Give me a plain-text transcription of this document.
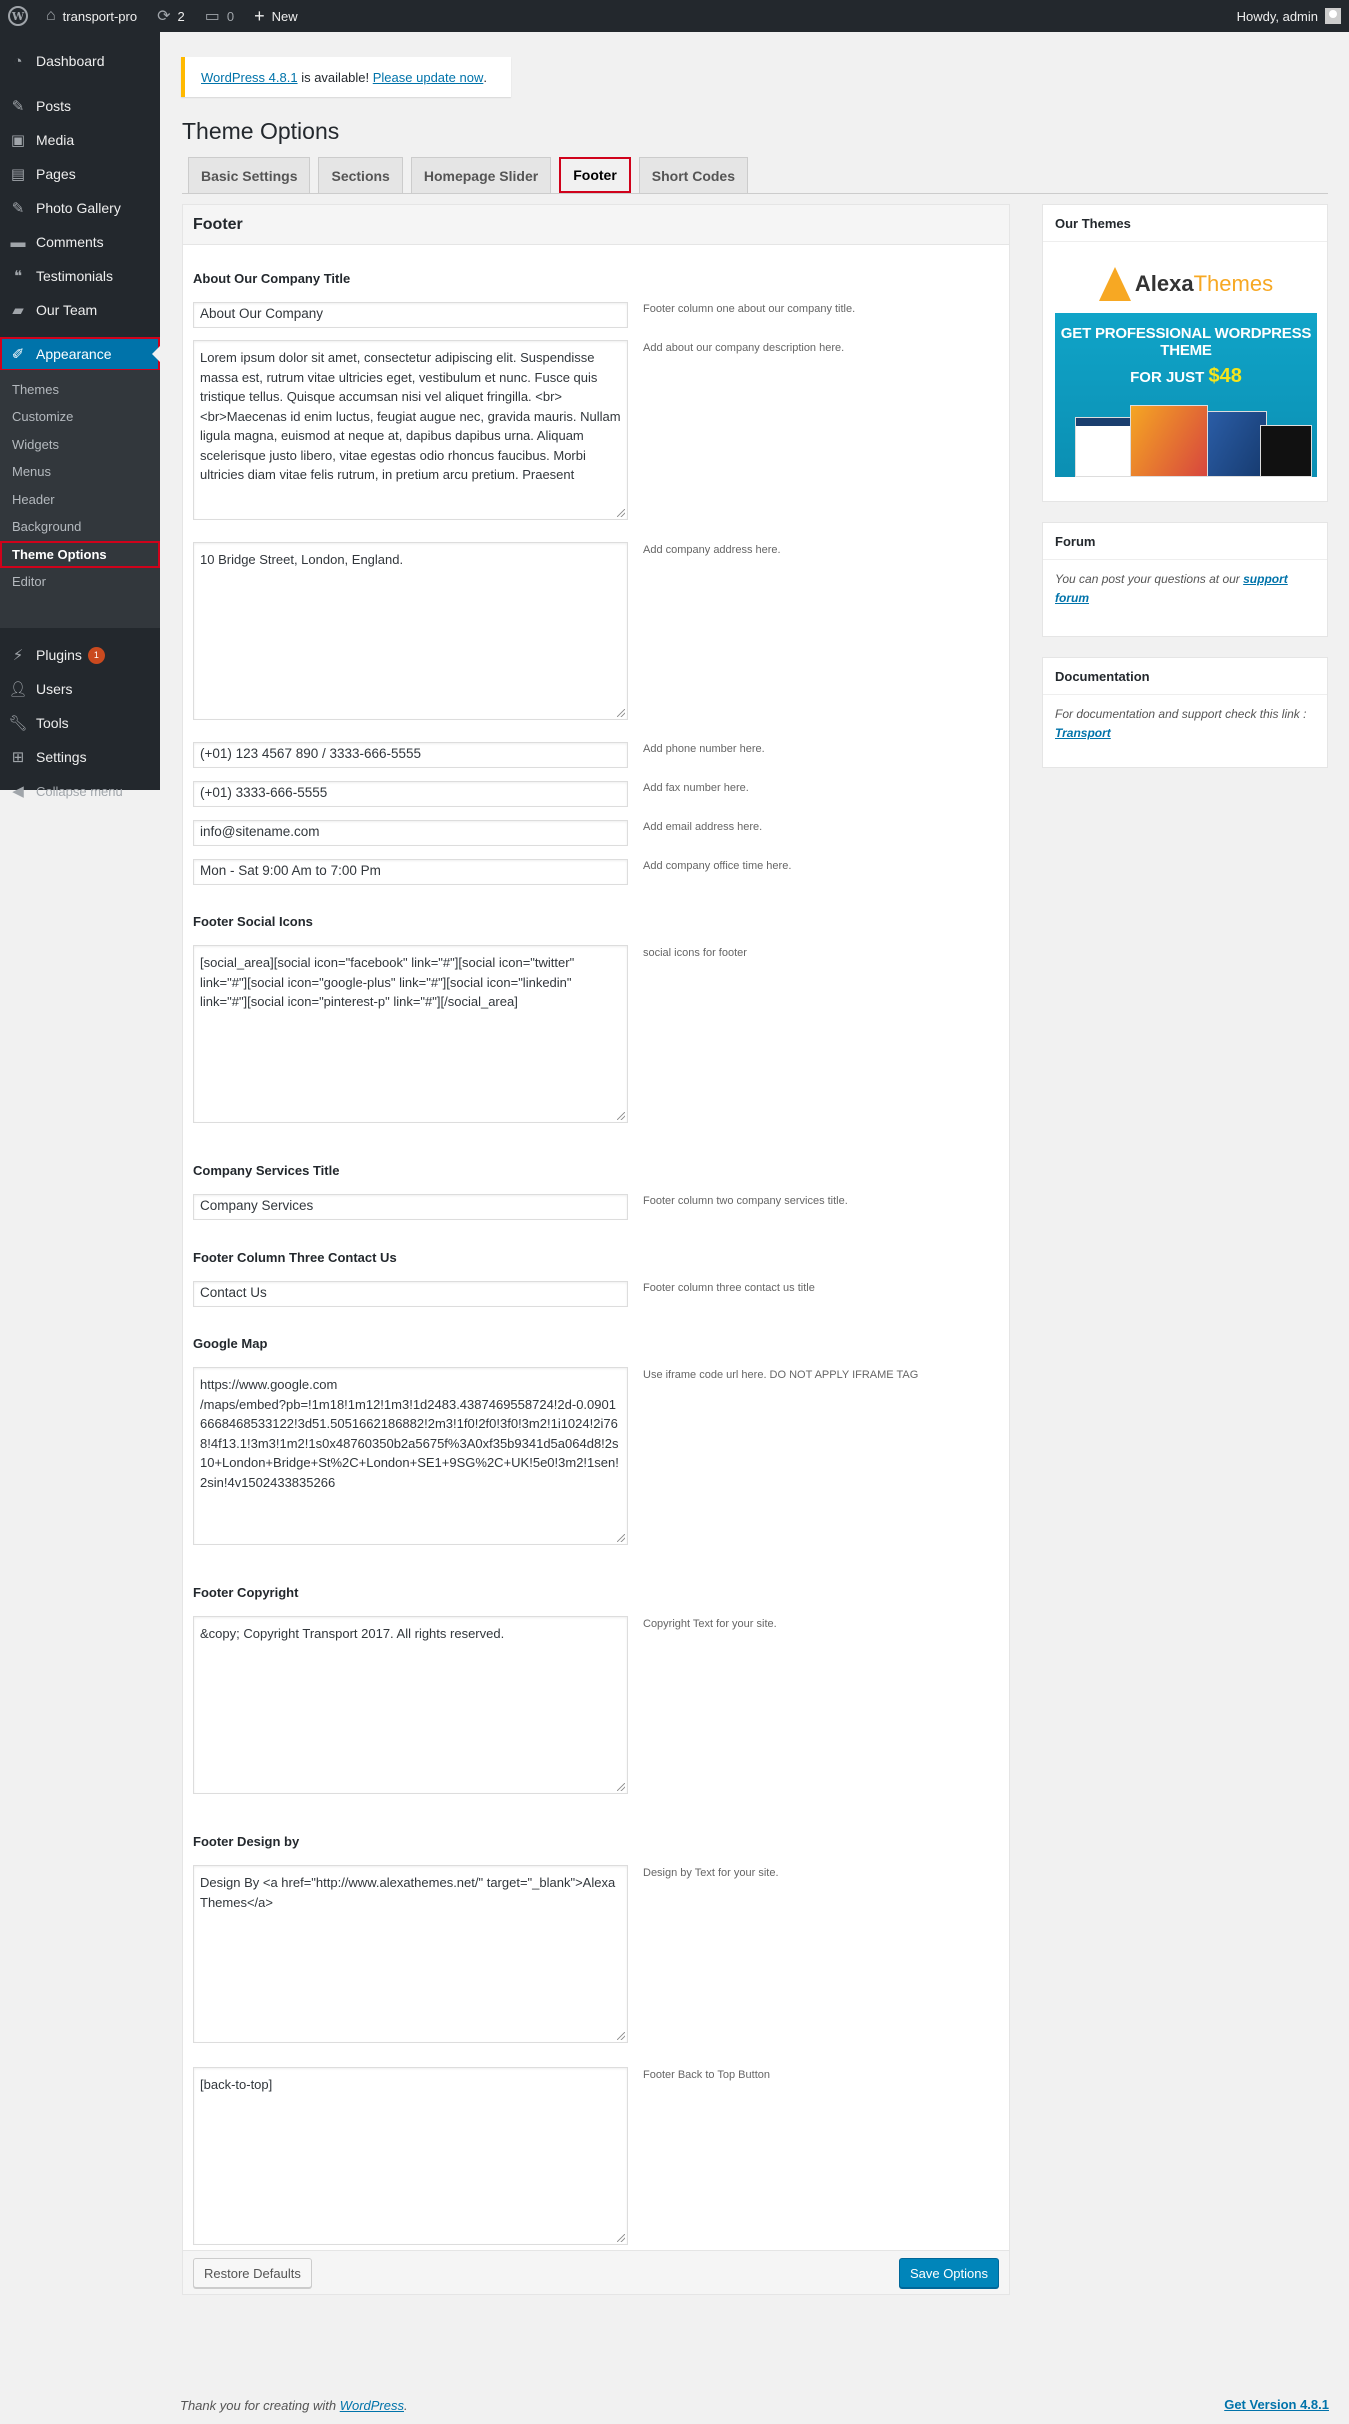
W ⌂ transport-pro ⟳ 2 ▭ 0 + New	Howdy, admin
◔ Dashboard
✎ Posts
▣ Media
▤ Pages
✎ Photo Gallery
▬ Comments
❝ Testimonials
▰ Our Team
✐ Appearance
Themes
Customize
Widgets
Menus
Header
Background
Theme Options
Editor
⚡ Plugins	1
👤︎ Users
🔧︎ Tools
⊞ Settings
◀ Collapse menu
WordPress 4.8.1 is available! Please update now .
Theme Options
Basic Settings	Sections	Homepage Slider	Footer	Short Codes
Footer
About Our Company Title
About Our Company	Footer column one about our company title.
Lorem ipsum dolor sit amet, consectetur adipiscing elit. Suspendisse massa est, rutrum vitae ultricies eget, vestibulum et nunc. Fusce quis tristique tellus. Quisque accumsan nisi vel aliquet fringilla. <br><br>Maecenas id enim luctus, feugiat augue nec, gravida mauris. Nullam ligula magna, euismod at neque at, dapibus dapibus urna. Aliquam scelerisque justo libero, vitae egestas odio rhoncus faucibus. Morbi ultricies diam vitae felis rutrum, in pretium arcu pretium. Praesent
Add about our company description here.
10 Bridge Street, London, England.
Add company address here.
(+01) 123 4567 890 / 3333-666-5555	Add phone number here.
(+01) 3333-666-5555	Add fax number here.
info@sitename.com	Add email address here.
Mon - Sat 9:00 Am to 7:00 Pm	Add company office time here.
Footer Social Icons
[social_area][social icon="facebook" link="#"][social icon="twitter" link="#"][social icon="google-plus" link="#"][social icon="linkedin" link="#"][social icon="pinterest-p" link="#"][/social_area]
social icons for footer
Company Services Title
Company Services	Footer column two company services title.
Footer Column Three Contact Us
Contact Us	Footer column three contact us title
Google Map
https://www.google.com
/maps/embed?pb=!1m18!1m12!1m3!1d2483.4387469558724!2d-0.09016668468533122!3d51.5051662186882!2m3!1f0!2f0!3f0!3m2!1i1024!2i768!4f13.1!3m3!1m2!1s0x48760350b2a5675f%3A0xf35b9341d5a064d8!2s10+London+Bridge+St%2C+London+SE1+9SG%2C+UK!5e0!3m2!1sen!2sin!4v1502433835266
Use iframe code url here. DO NOT APPLY IFRAME TAG
Footer Copyright
&copy; Copyright Transport 2017. All rights reserved.
Copyright Text for your site.
Footer Design by
Design By <a href="http://www.alexathemes.net/" target="_blank">Alexa Themes</a>
Design by Text for your site.
[back-to-top]
Footer Back to Top Button
Restore Defaults	Save Options
Our Themes
Alexa Themes
GET PROFESSIONAL WORDPRESS THEME
FOR JUST $48
Forum
You can post your questions at our support forum
Documentation
For documentation and support check this link : Transport
Thank you for creating with WordPress.	Get Version 4.8.1
